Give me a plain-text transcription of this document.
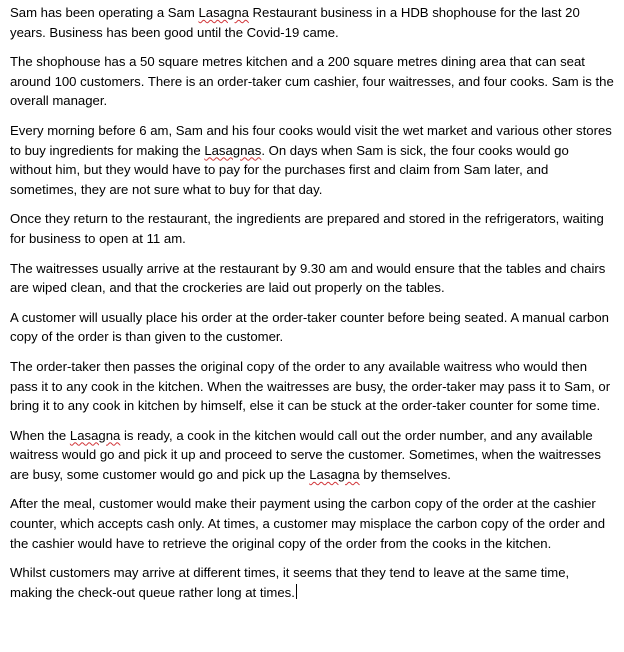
Sam has been operating a Sam Lasagna Restaurant business in a HDB shophouse for the last 20 years. Business has been good until the Covid-19 came.

The shophouse has a 50 square metres kitchen and a 200 square metres dining area that can seat around 100 customers. There is an order-taker cum cashier, four waitresses, and four cooks. Sam is the overall manager.

Every morning before 6 am, Sam and his four cooks would visit the wet market and various other stores to buy ingredients for making the Lasagnas. On days when Sam is sick, the four cooks would go without him, but they would have to pay for the purchases first and claim from Sam later, and sometimes, they are not sure what to buy for that day.

Once they return to the restaurant, the ingredients are prepared and stored in the refrigerators, waiting for business to open at 11 am.

The waitresses usually arrive at the restaurant by 9.30 am and would ensure that the tables and chairs are wiped clean, and that the crockeries are laid out properly on the tables.

A customer will usually place his order at the order-taker counter before being seated. A manual carbon copy of the order is than given to the customer.

The order-taker then passes the original copy of the order to any available waitress who would then pass it to any cook in the kitchen. When the waitresses are busy, the order-taker may pass it to Sam, or bring it to any cook in kitchen by himself, else it can be stuck at the order-taker counter for some time.

When the Lasagna is ready, a cook in the kitchen would call out the order number, and any available waitress would go and pick it up and proceed to serve the customer. Sometimes, when the waitresses are busy, some customer would go and pick up the Lasagna by themselves.

After the meal, customer would make their payment using the carbon copy of the order at the cashier counter, which accepts cash only. At times, a customer may misplace the carbon copy of the order and the cashier would have to retrieve the original copy of the order from the cooks in the kitchen.

Whilst customers may arrive at different times, it seems that they tend to leave at the same time, making the check-out queue rather long at times.
